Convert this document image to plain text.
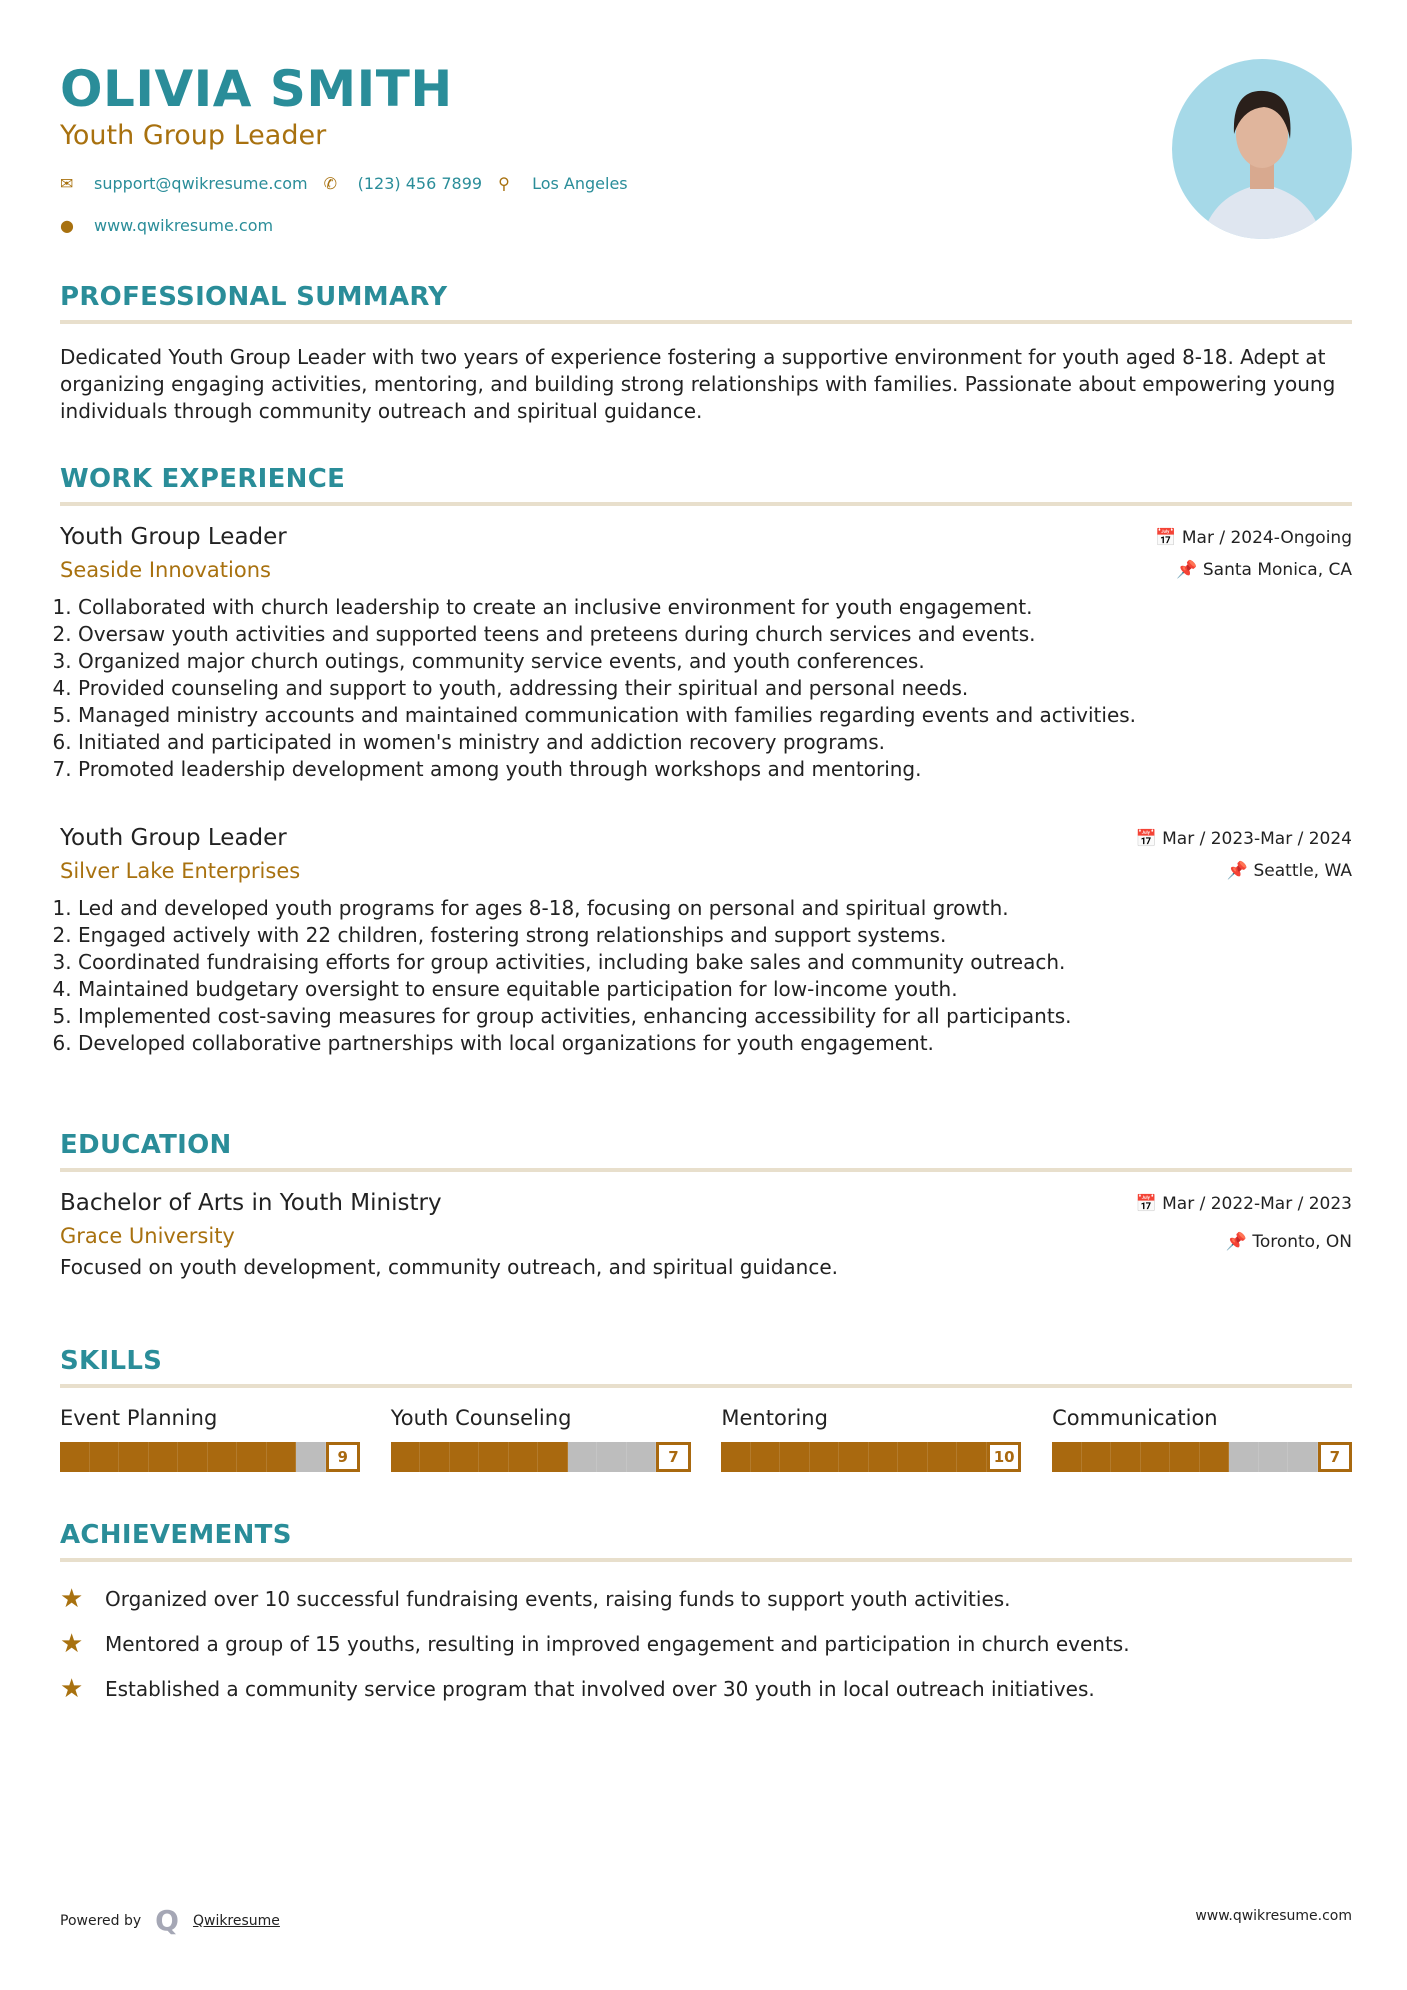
OLIVIA SMITH
Youth Group Leader
✉	support@qwikresume.com ✆	(123) 456 7899 ⚲	Los Angeles
●	www.qwikresume.com
PROFESSIONAL SUMMARY

Dedicated Youth Group Leader with two years of experience fostering a supportive environment for youth aged 8-18. Adept at organizing engaging activities, mentoring, and building strong relationships with families. Passionate about empowering young individuals through community outreach and spiritual guidance.

WORK EXPERIENCE
Youth Group Leader
Seaside Innovations
📅 Mar / 2024-Ongoing
📌 Santa Monica, CA
1. Collaborated with church leadership to create an inclusive environment for youth engagement.
2. Oversaw youth activities and supported teens and preteens during church services and events.
3. Organized major church outings, community service events, and youth conferences.
4. Provided counseling and support to youth, addressing their spiritual and personal needs.
5. Managed ministry accounts and maintained communication with families regarding events and activities.
6. Initiated and participated in women's ministry and addiction recovery programs.
7. Promoted leadership development among youth through workshops and mentoring.
Youth Group Leader
Silver Lake Enterprises
📅 Mar / 2023-Mar / 2024
📌 Seattle, WA
1. Led and developed youth programs for ages 8-18, focusing on personal and spiritual growth.
2. Engaged actively with 22 children, fostering strong relationships and support systems.
3. Coordinated fundraising efforts for group activities, including bake sales and community outreach.
4. Maintained budgetary oversight to ensure equitable participation for low-income youth.
5. Implemented cost-saving measures for group activities, enhancing accessibility for all participants.
6. Developed collaborative partnerships with local organizations for youth engagement.
EDUCATION
Bachelor of Arts in Youth Ministry
Grace University
📅 Mar / 2022-Mar / 2023
📌 Toronto, ON

Focused on youth development, community outreach, and spiritual guidance.

SKILLS
Event Planning
9
Youth Counseling
7
Mentoring
10
Communication
7
ACHIEVEMENTS
★	Organized over 10 successful fundraising events, raising funds to support youth activities.
★	Mentored a group of 15 youths, resulting in improved engagement and participation in church events.
★	Established a community service program that involved over 30 youth in local outreach initiatives.
Powered by Q Qwikresume	www.qwikresume.com
